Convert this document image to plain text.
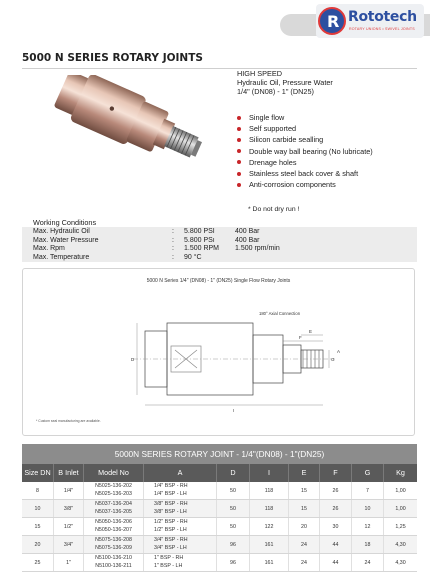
R Rototech
ROTARY UNIONS • SWIVEL JOINTS
5000 N SERIES ROTARY JOINTS
HIGH SPEED
Hydraulic Oil, Pressure Water
1/4" (DN08) - 1" (DN25)
Single flow
Self supported
Silicon carbide sealling
Double way ball bearing (No lubricate)
Drenage holes
Stainless steel back cover & shaft
Anti-corrosion components
* Do not dry run !
Working Conditions
Max. Hydraulic Oil	: 5.800 PSI	400 Bar
Max. Water Pressure	: 5.800 PSı	400 Bar
Max. Rpm	: 1.500 RPM 1.500 rpm/min
Max. Temperature	: 90 °C
5000 N Series 1/4" (DN08) - 1" (DN25) Single Flow Rotary Joints
180° Axial Connection
D
I
F
E
G
A
* Custom seal manufacturing are available.
5000N SERIES ROTARY JOINT - 1/4"(DN08) - 1"(DN25)
Size DN	B Inlet	Model No	A	D	I	E	F	G	Kg
8	1/4"
N5025-136-202
N5025-136-203
1/4" BSP - RH
1/4" BSP - LH	50	118	15	26	7	1,00
10	3/8"
N5037-136-204
N5037-136-205
3/8" BSP - RH
3/8" BSP - LH	50	118	15	26	10	1,00
15	1/2"
N5050-136-206
N5050-136-207
1/2" BSP - RH
1/2" BSP - LH	50	122	20	30	12	1,25
20	3/4"
N5075-136-208
N5075-136-209
3/4" BSP - RH
3/4" BSP - LH	96	161	24	44	18	4,30
25	1"
N5100-136-210
N5100-136-211
1" BSP - RH
1" BSP - LH	96	161	24	44	24	4,30
